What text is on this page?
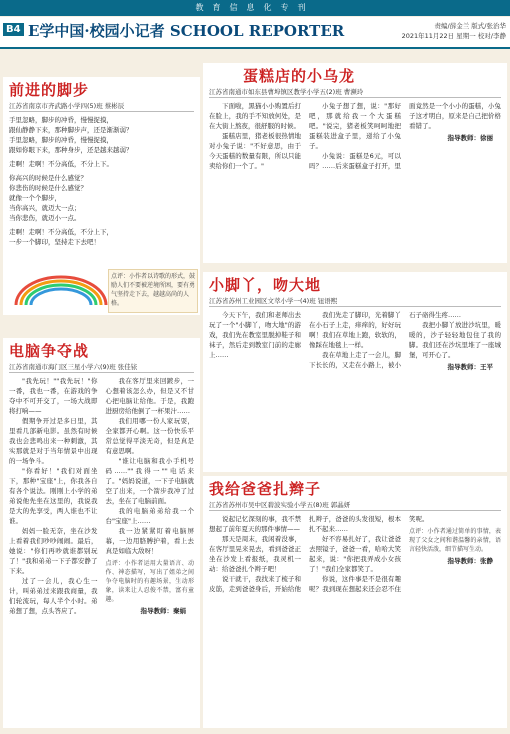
教育信息化专刊
B4 E学中国·校园小记者 SCHOOL REPORTER	责编/薛金兰 版式/张治华
2021年11月22日 星期一 校对/李静
前进的脚步
江苏省南京市齐武路小学四(5)班 蔡彬辰

手里忽略，脚步的冲昏，慢慢捉摸，

跟仙静静下来，那种脚步声，还是渐渐弱？

手里忽略，脚步的冲昏，慢慢捉摸，

跟如你眼下来，那种身步，还是越来越弱？

走啊！走啊！不分高低，不分上下。

你高兴的时候是什么感觉？

你悲伤的时候是什么感觉？

就像一个个脚步，

当你高兴，就迈大一点；

当你悲伤，就迈小一点。

走啊！走啊！不分高低，不分上下，

一步一个脚印，坚持走下去吧！

点评：小作者以诗歌的形式，鼓励人们不要被逆境所困，要有勇气坚持走下去，越越高尚的人格。
电脑争夺战
江苏省南通市海门区三星小学六(9)班 张佳铱

"我先玩！""我先玩！"你一番，我也一番，在游戏的争夺中不可开交了，一场大战即将打响——

假期争开过是多日里，其里看几部新电影。虽然有时候我也会悲鸣出来一种刺激，其实那就是对于当年情景中出现的一场争斗。

"你看好！"我们对面坐下，那种"宝座"上，你我各自有各个说法。刚刚上小学的弟弟说他先坐在这里的，我说我是大的先享受，两人谁也不让谁。

妈妈一脸无奈，坐在沙发上看着我们吵吵闹闹。最后，她说："你们再吵就谁都别玩了！"我和弟弟一下子都安静了下来。

过了一会儿，我心生一计，叫弟弟过来跟我商量，我们轮流玩，每人半个小时。弟弟想了想，点头答应了。

我在客厅里来回踱步，一心想着该怎么办，但是又不甘心把电脑让给他。于是，我跑进厨房给他倒了一杯果汁……

我们用哪一份人家玩耍，全家都开心啊。这一份快乐平常总觉得平淡无奇，但是真是有意思啊。

"谁让电脑和我小手机号码……""我得一""电话来了。"妈妈说道，一下子电脑就空了出来，一个箭步我冲了过去，坐在了电脑前面。

我的电脑弟弟给我一个台"宝座"上……

我一边紧紧盯着电脑屏幕，一边用胳膊护着，看上去真是如临大敌呀！

点评：小作者运用大量语言、动作、神态描写，写出了姐弟之间争夺电脑时的有趣场景，生动形象，读来让人忍俊不禁，富有童趣。

指导教师：秦娟
蛋糕店的小乌龙
江苏省南通市如东县曹埠镇区教学小学五(2)班 曹濒玲

下面啦，黑猫小小购置后打在脸上，我的手不知放何处，是在大街上熬夜，很舒服的时候。

蛋糕店里，猪老板很热情地对小兔子说："不好意思，由于今天蛋糕的数量有限，所以只能卖给你们一个了。"

小兔子想了想，说："那好吧，那就给我一个大蛋糕吧。"说完，猪老板笑呵呵地把蛋糕装进盒子里，递给了小兔子。

小兔说：蛋糕是6元，可以吗？……后来蛋糕盒子打开，里面竟然是一个小小的蛋糕，小兔子这才明白，原来是自己把价格看错了。

指导教师：徐丽
小脚丫，吻大地
江苏省苏州工业园区文萃小学一(4)班 钮语熙

今天下午，我们和老师出去玩了一个"小脚丫，吻大地"的游戏，我们先在教室里脱掉鞋子和袜子，然后走到教室门前的走廊上……

我们先走了脚印，光着脚丫在小石子上走，痒痒的，好好玩啊！我们在草地上跑，软软的，像踩在地毯上一样。

我在草地上走了一会儿，脚下长长的，又走在小路上，被小石子硌得生疼……

我把小脚丫放进沙坑里，暖暖的，沙子轻轻地包住了我的脚。我们还在沙坑里堆了一座城堡，可开心了。

指导教师：王平
我给爸爸扎辫子
江苏省苏州市吴中区碧波实验小学五(8)班 郭晶妍

说起记忆深刻的事，我不禁想起了前年夏天的那件事情——

那天是周末，我闲着没事，在客厅里晃来晃去，看到爸爸正坐在沙发上看报纸，我灵机一动：给爸爸扎个辫子吧！

说干就干，我找来了梳子和皮筋，走到爸爸身后，开始给他扎辫子，爸爸的头发很短，根本扎不起来……

好不容易扎好了，我让爸爸去照镜子，爸爸一看，哈哈大笑起来，说："你把我弄成小女孩了！"我们全家都笑了。

你说，这件事是不是很有趣呢？我到现在想起来还会忍不住笑呢。

点评：小作者通过简单的事情，表现了父女之间和谐温馨的亲情，语言轻快活泼，细节描写生动。

指导教师：张静
